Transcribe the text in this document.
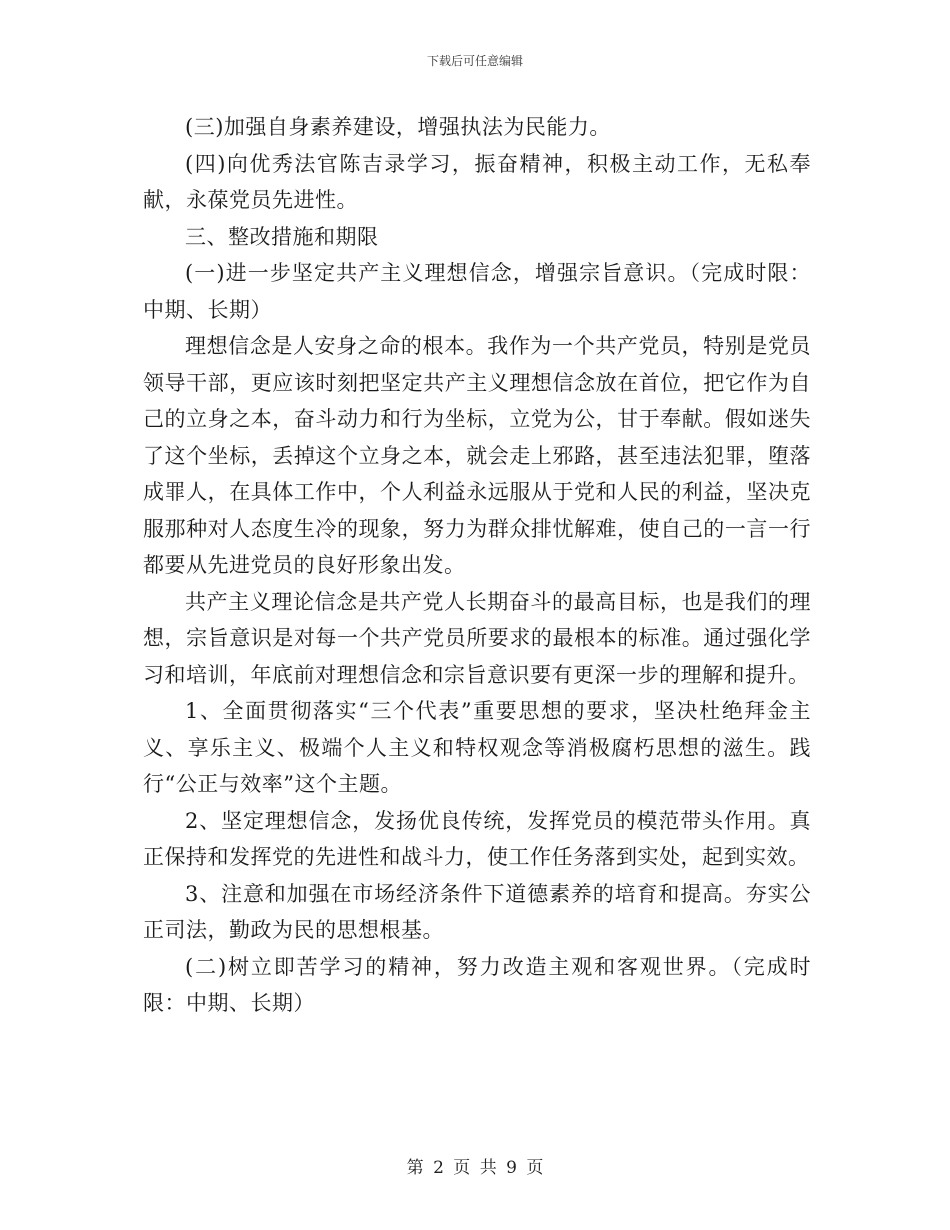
下载后可任意编辑

(三)加强自身素养建设，增强执法为民能力。

(四)向优秀法官陈吉录学习，振奋精神，积极主动工作，无私奉献，永葆党员先进性。

三、整改措施和期限

(一)进一步坚定共产主义理想信念，增强宗旨意识。（完成时限：中期、长期）

理想信念是人安身之命的根本。我作为一个共产党员，特别是党员领导干部，更应该时刻把坚定共产主义理想信念放在首位，把它作为自己的立身之本，奋斗动力和行为坐标，立党为公，甘于奉献。假如迷失了这个坐标，丢掉这个立身之本，就会走上邪路，甚至违法犯罪，堕落成罪人，在具体工作中，个人利益永远服从于党和人民的利益，坚决克服那种对人态度生冷的现象，努力为群众排忧解难，使自己的一言一行都要从先进党员的良好形象出发。

共产主义理论信念是共产党人长期奋斗的最高目标，也是我们的理想，宗旨意识是对每一个共产党员所要求的最根本的标准。通过强化学习和培训，年底前对理想信念和宗旨意识要有更深一步的理解和提升。

1、全面贯彻落实“三个代表”重要思想的要求，坚决杜绝拜金主义、享乐主义、极端个人主义和特权观念等消极腐朽思想的滋生。践行“公正与效率”这个主题。

2、坚定理想信念，发扬优良传统，发挥党员的模范带头作用。真正保持和发挥党的先进性和战斗力，使工作任务落到实处，起到实效。

3、注意和加强在市场经济条件下道德素养的培育和提高。夯实公正司法，勤政为民的思想根基。

(二)树立即苦学习的精神，努力改造主观和客观世界。（完成时限：中期、长期）

第 2 页 共 9 页
